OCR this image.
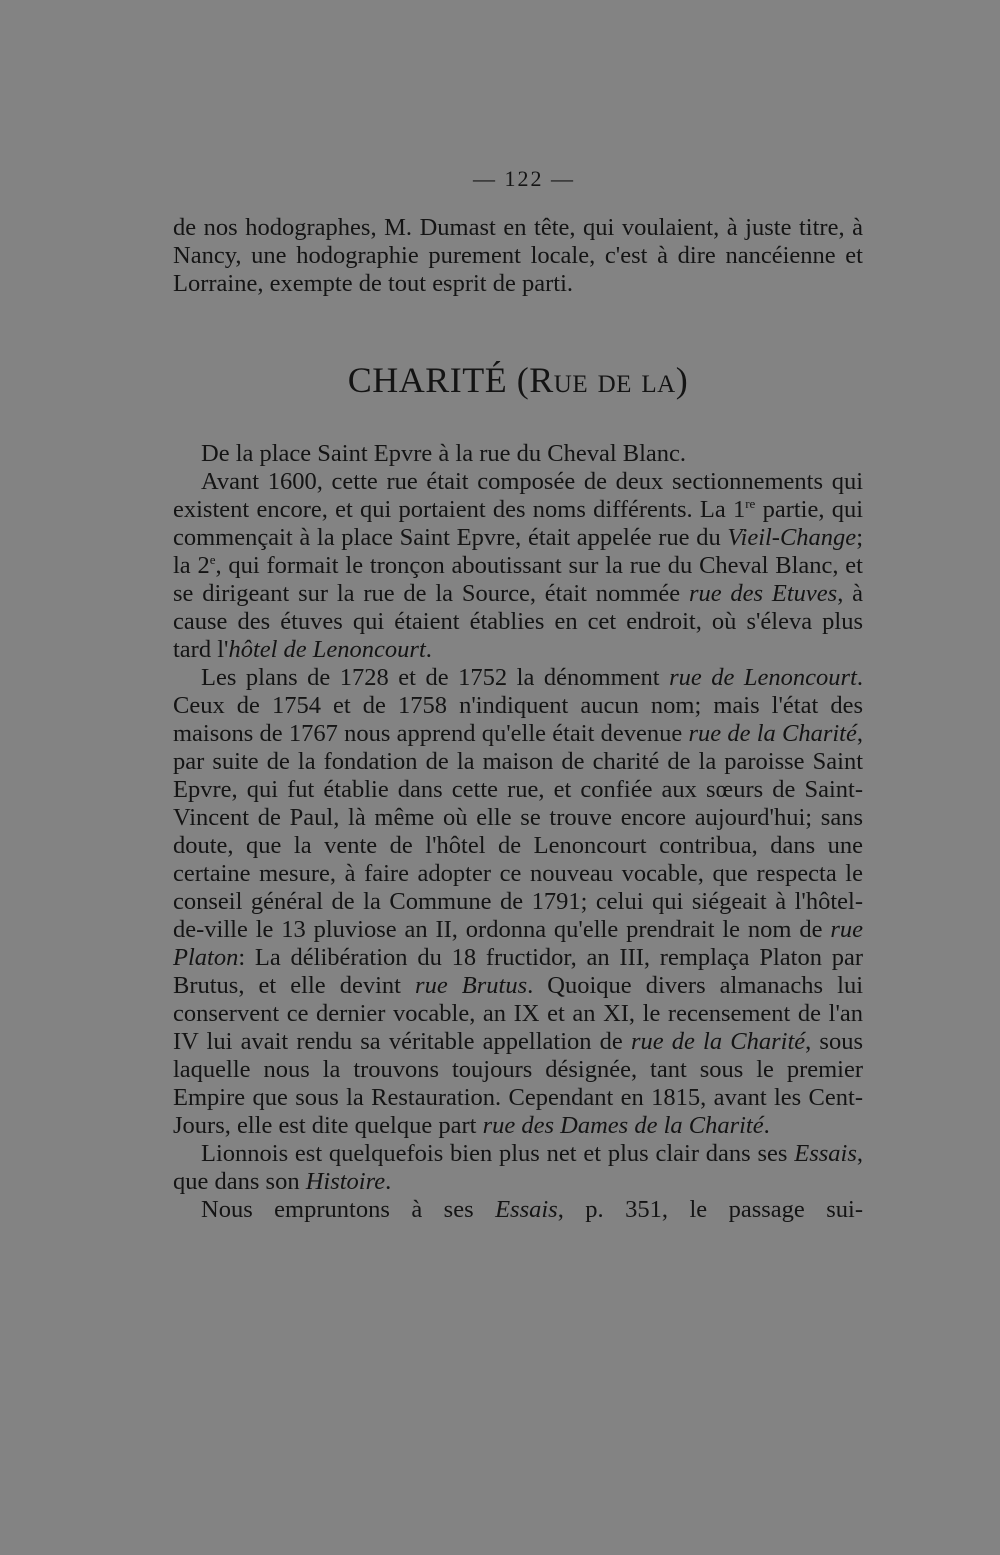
— 122 —

de nos hodographes, M. Dumast en tête, qui voulaient, à juste titre, à Nancy, une hodographie purement locale, c'est à dire nancéienne et Lorraine, exempte de tout esprit de parti.

CHARITÉ (Rue de la)

De la place Saint Epvre à la rue du Cheval Blanc.

Avant 1600, cette rue était composée de deux sectionnements qui existent encore, et qui portaient des noms différents. La 1re partie, qui commençait à la place Saint Epvre, était appelée rue du Vieil-Change; la 2e, qui formait le tronçon aboutissant sur la rue du Cheval Blanc, et se dirigeant sur la rue de la Source, était nommée rue des Etuves, à cause des étuves qui étaient établies en cet endroit, où s'éleva plus tard l'hôtel de Lenoncourt.

Les plans de 1728 et de 1752 la dénomment rue de Lenoncourt. Ceux de 1754 et de 1758 n'indiquent aucun nom; mais l'état des maisons de 1767 nous apprend qu'elle était devenue rue de la Charité, par suite de la fondation de la maison de charité de la paroisse Saint Epvre, qui fut établie dans cette rue, et confiée aux sœurs de Saint-Vincent de Paul, là même où elle se trouve encore aujourd'hui; sans doute, que la vente de l'hôtel de Lenoncourt contribua, dans une certaine mesure, à faire adopter ce nouveau vocable, que respecta le conseil général de la Commune de 1791; celui qui siégeait à l'hôtel-de-ville le 13 pluviose an II, ordonna qu'elle prendrait le nom de rue Platon: La délibération du 18 fructidor, an III, remplaça Platon par Brutus, et elle devint rue Brutus. Quoique divers almanachs lui conservent ce dernier vocable, an IX et an XI, le recensement de l'an IV lui avait rendu sa véritable appellation de rue de la Charité, sous laquelle nous la trouvons toujours désignée, tant sous le premier Empire que sous la Restauration. Cependant en 1815, avant les Cent-Jours, elle est dite quelque part rue des Dames de la Charité.

Lionnois est quelquefois bien plus net et plus clair dans ses Essais, que dans son Histoire.

Nous empruntons à ses Essais, p. 351, le passage sui-
